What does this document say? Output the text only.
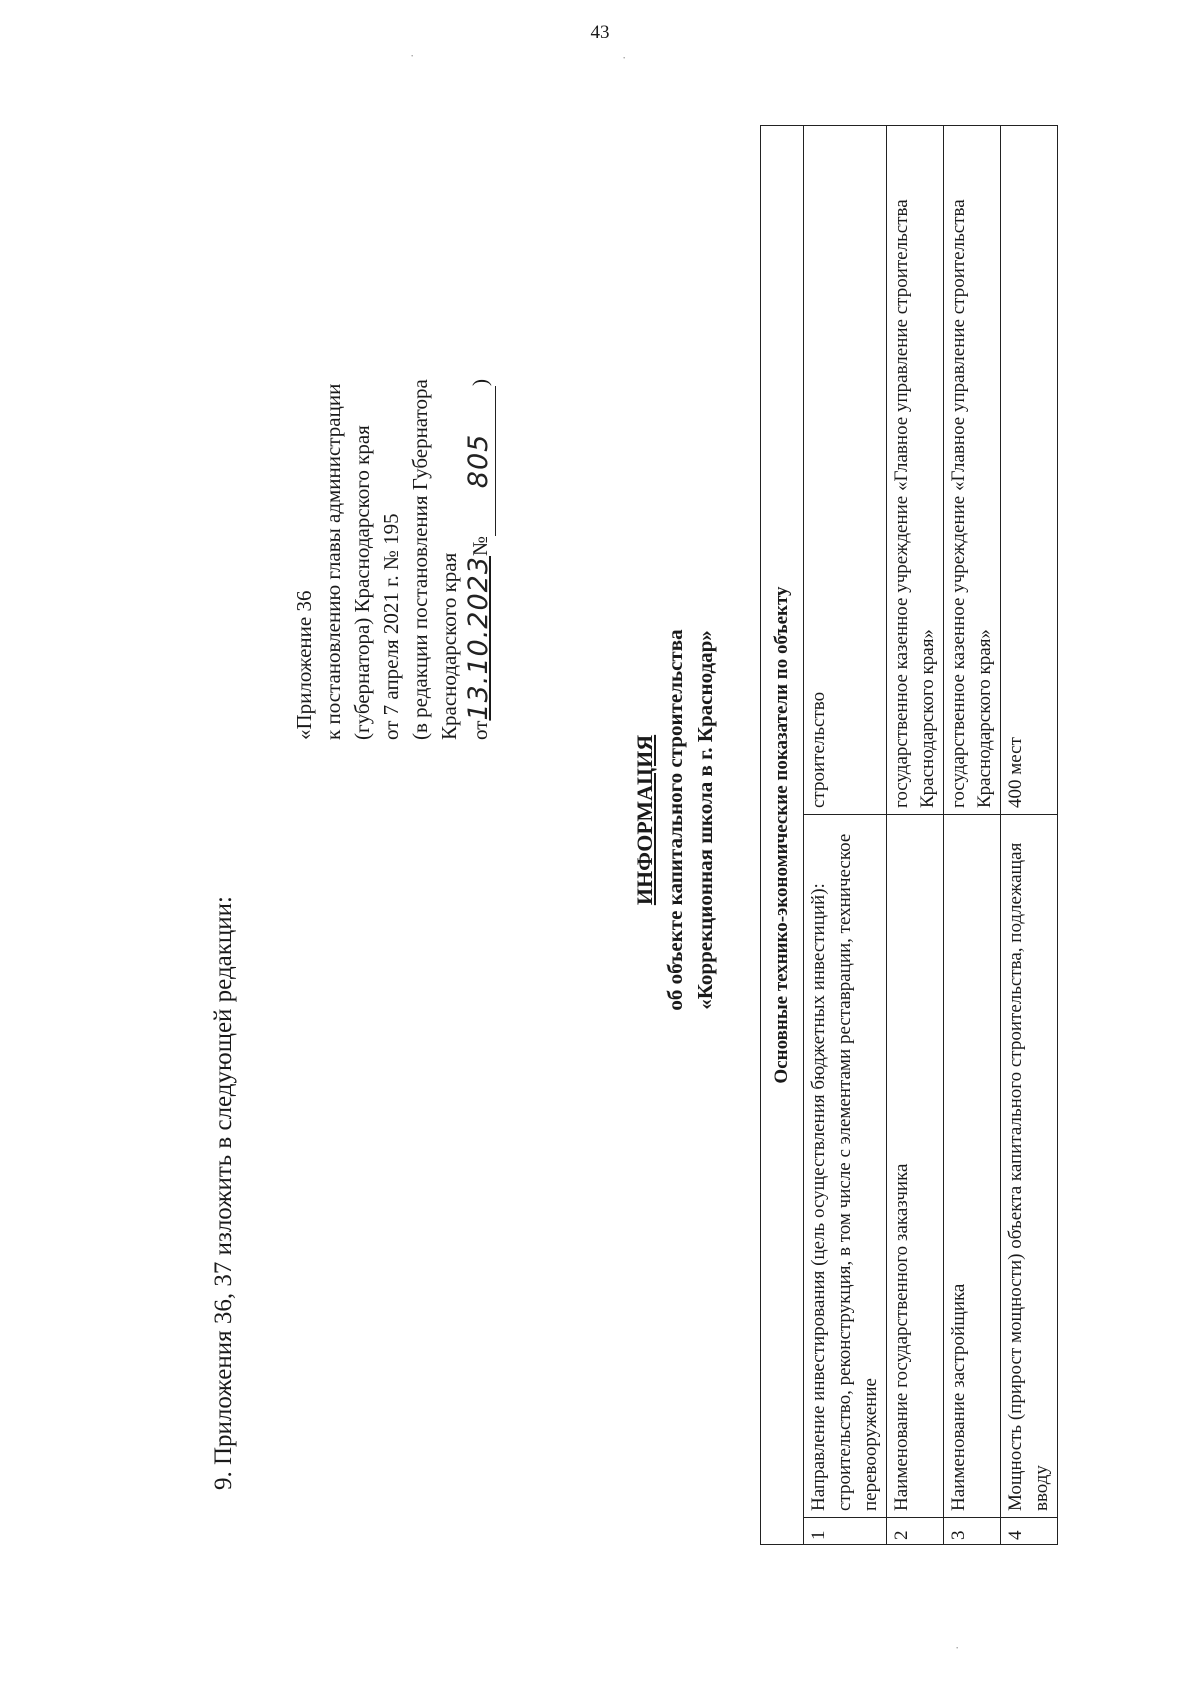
43
9. Приложения 36, 37 изложить в следующей редакции:
«Приложение 36 к постановлению главы администрации (губернатора) Краснодарского края от 7 апреля 2021 г. № 195 (в редакции постановления Губернатора Краснодарского края от13.10.2023№805)
ИНФОРМАЦИЯ об объекте капитального строительства «Коррекционная школа в г. Краснодар»	Основные технико-экономические показатели по объекту		
1	Направление инвестирования (цель осуществления бюджетных инвестиций): строительство, реконструкция, в том числе с элементами реставрации, техническое перевооружение	строительство
2	Наименование государственного заказчика	государственное казенное учреждение «Главное управление строительства Краснодарского края»
3	Наименование застройщика	государственное казенное учреждение «Главное управление строительства Краснодарского края»
4	Мощность (прирост мощности) объекта капитального строительства, подлежащая вводу	400 мест
·
·
·
